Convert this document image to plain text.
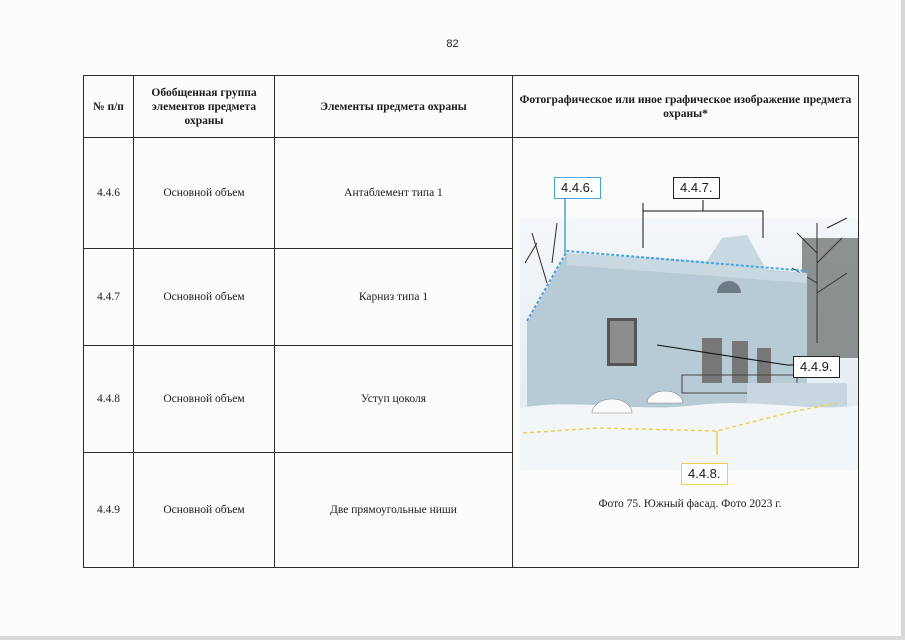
82
№ п/п	Обобщенная группа элементов предмета охраны	Элементы предмета охраны	Фотографическое или иное графическое изображение предмета охраны*
4.4.6	Основной объем	Антаблемент типа 1	4.4.6. 4.4.7.
4.4.9.
4.4.8.
Фото 75. Южный фасад. Фото 2023 г.

4.4.7	Основной объем	Карниз типа 1	
4.4.8	Основной объем	Уступ цоколя	
4.4.9	Основной объем	Две прямоугольные ниши	
